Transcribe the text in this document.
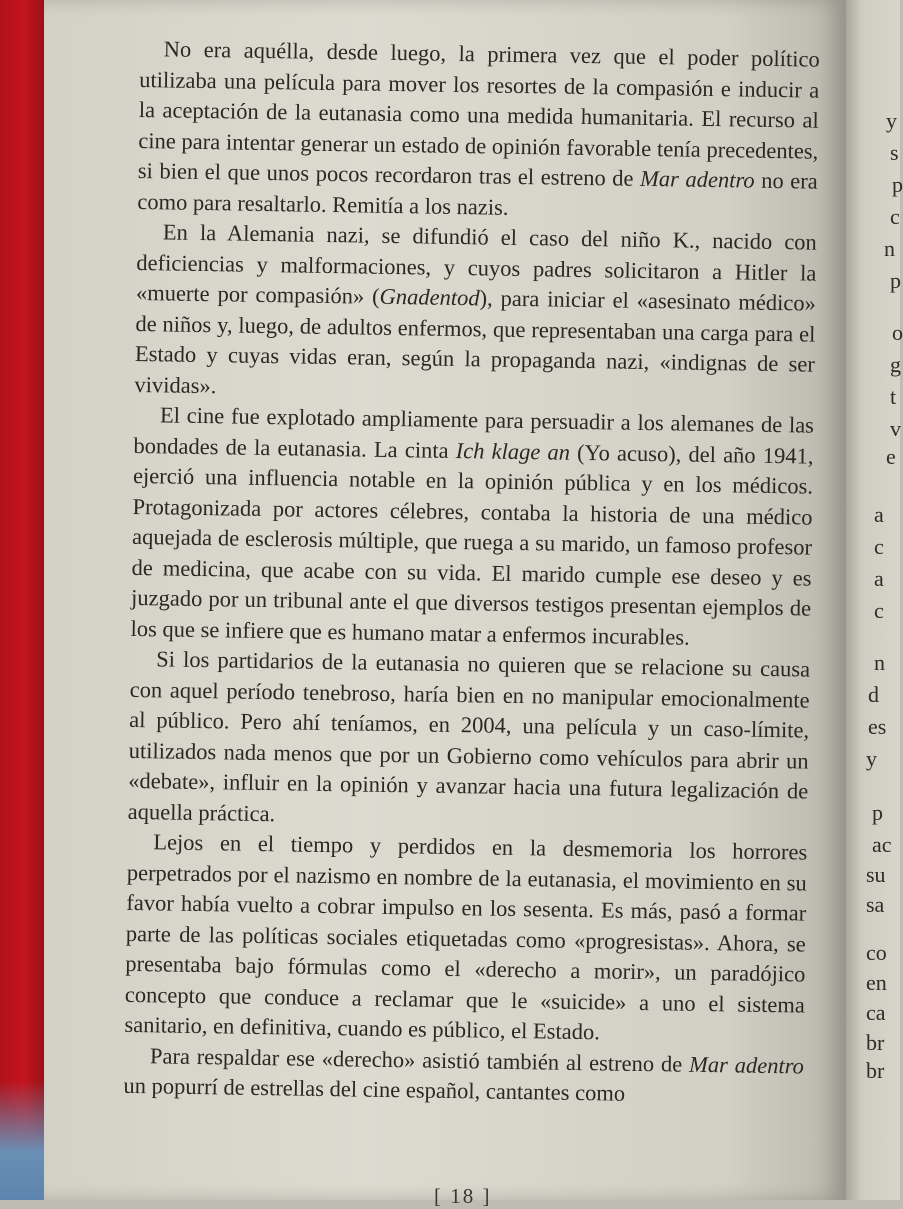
No era aquélla, desde luego, la primera vez que el poder político utilizaba una película para mover los resortes de la compasión e inducir a la aceptación de la eutanasia como una medida humanitaria. El recurso al cine para intentar generar un estado de opinión favorable tenía precedentes, si bien el que unos pocos recordaron tras el estreno de Mar adentro no era como para resaltarlo. Remitía a los nazis.

En la Alemania nazi, se difundió el caso del niño K., nacido con deficiencias y malformaciones, y cuyos padres solicitaron a Hitler la «muerte por compasión» (Gnadentod), para iniciar el «asesinato médico» de niños y, luego, de adultos enfermos, que representaban una carga para el Estado y cuyas vidas eran, según la propaganda nazi, «indignas de ser vividas».

El cine fue explotado ampliamente para persuadir a los alemanes de las bondades de la eutanasia. La cinta Ich klage an (Yo acuso), del año 1941, ejerció una influencia notable en la opinión pública y en los médicos. Protagonizada por actores célebres, contaba la historia de una médico aquejada de esclerosis múltiple, que ruega a su marido, un famoso profesor de medicina, que acabe con su vida. El marido cumple ese deseo y es juzgado por un tribunal ante el que diversos testigos presentan ejemplos de los que se infiere que es humano matar a enfermos incurables.

Si los partidarios de la eutanasia no quieren que se relacione su causa con aquel período tenebroso, haría bien en no manipular emocionalmente al público. Pero ahí teníamos, en 2004, una película y un caso-límite, utilizados nada menos que por un Gobierno como vehículos para abrir un «debate», influir en la opinión y avanzar hacia una futura legalización de aquella práctica.

Lejos en el tiempo y perdidos en la desmemoria los horrores perpetrados por el nazismo en nombre de la eutanasia, el movimiento en su favor había vuelto a cobrar impulso en los sesenta. Es más, pasó a formar parte de las políticas sociales etiquetadas como «progresistas». Ahora, se presentaba bajo fórmulas como el «derecho a morir», un paradójico concepto que conduce a reclamar que le «suicide» a uno el sistema sanitario, en definitiva, cuando es público, el Estado.

Para respaldar ese «derecho» asistió también al estreno de Mar adentro un popurrí de estrellas del cine español, cantantes como

[ 18 ]
y
s
p
c
n
p
o
g
t
v
e
a
c
a
c
n
d
es
y
p
ac
su
sa
co
en
ca
br
br
